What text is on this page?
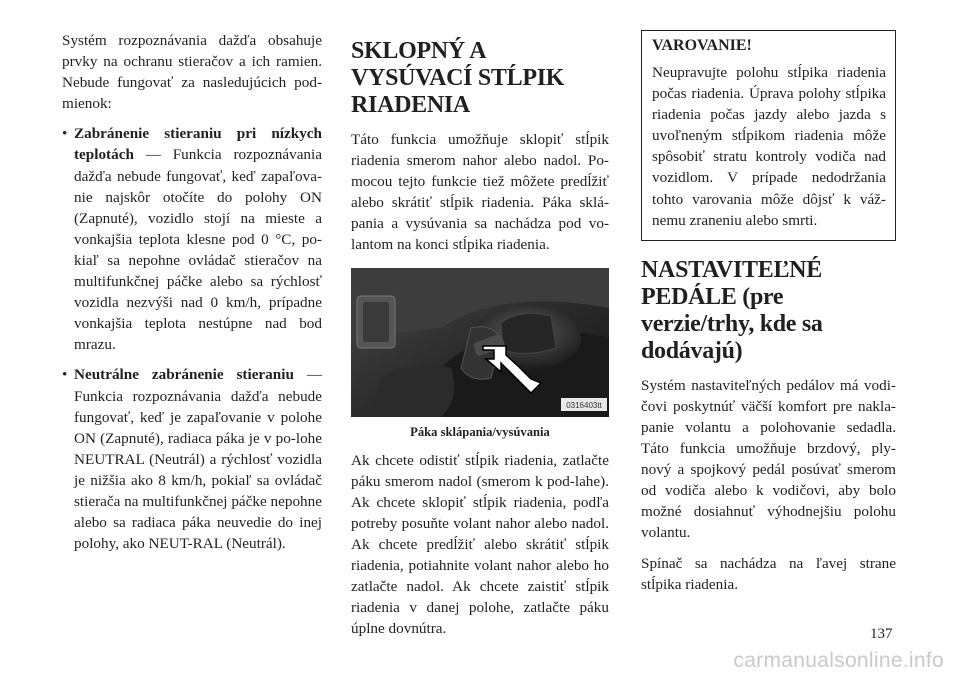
Systém rozpoznávania dažďa obsahuje prvky na ochranu stieračov a ich ramien. Nebude fungovať za nasledujúcich pod-mienok:

• Zabránenie stieraniu pri nízkych teplotách — Funkcia rozpoznávania dažďa nebude fungovať, keď zapaľova-nie najskôr otočíte do polohy ON (Zapnuté), vozidlo stojí na mieste a vonkajšia teplota klesne pod 0 °C, po-kiaľ sa nepohne ovládač stieračov na multifunkčnej páčke alebo sa rýchlosť vozidla nezvýši nad 0 km/h, prípadne vonkajšia teplota nestúpne nad bod mrazu.
• Neutrálne zabránenie stieraniu — Funkcia rozpoznávania dažďa nebude fungovať, keď je zapaľovanie v polohe ON (Zapnuté), radiaca páka je v po-lohe NEUTRAL (Neutrál) a rýchlosť vozidla je nižšia ako 8 km/h, pokiaľ sa ovládač stierača na multifunkčnej páčke nepohne alebo sa radiaca páka neuvedie do inej polohy, ako NEUT-RAL (Neutrál).
SKLOPNÝ A VYSÚVACÍ STĹPIK RIADENIA

Táto funkcia umožňuje sklopiť stĺpik riadenia smerom nahor alebo nadol. Po-mocou tejto funkcie tiež môžete predĺžiť alebo skrátiť stĺpik riadenia. Páka sklá-pania a vysúvania sa nachádza pod vo-lantom na konci stĺpika riadenia.

0316403tt
Páka sklápania/vysúvania

Ak chcete odistiť stĺpik riadenia, zatlačte páku smerom nadol (smerom k pod-lahe). Ak chcete sklopiť stĺpik riadenia, podľa potreby posuňte volant nahor alebo nadol. Ak chcete predĺžiť alebo skrátiť stĺpik riadenia, potiahnite volant nahor alebo ho zatlačte nadol. Ak chcete zaistiť stĺpik riadenia v danej polohe, zatlačte páku úplne dovnútra.

VAROVANIE!

Neupravujte polohu stĺpika riadenia počas riadenia. Úprava polohy stĺpika riadenia počas jazdy alebo jazda s uvoľneným stĺpikom riadenia môže spôsobiť stratu kontroly vodiča nad vozidlom. V prípade nedodržania tohto varovania môže dôjsť k váž-nemu zraneniu alebo smrti.

NASTAVITEĽNÉ PEDÁLE (pre verzie/trhy, kde sa dodávajú)

Systém nastaviteľných pedálov má vodi-čovi poskytnúť väčší komfort pre nakla-panie volantu a polohovanie sedadla. Táto funkcia umožňuje brzdový, ply-nový a spojkový pedál posúvať smerom od vodiča alebo k vodičovi, aby bolo možné dosiahnuť výhodnejšiu polohu volantu.

Spínač sa nachádza na ľavej strane stĺpika riadenia.

137
carmanualsonline.info
